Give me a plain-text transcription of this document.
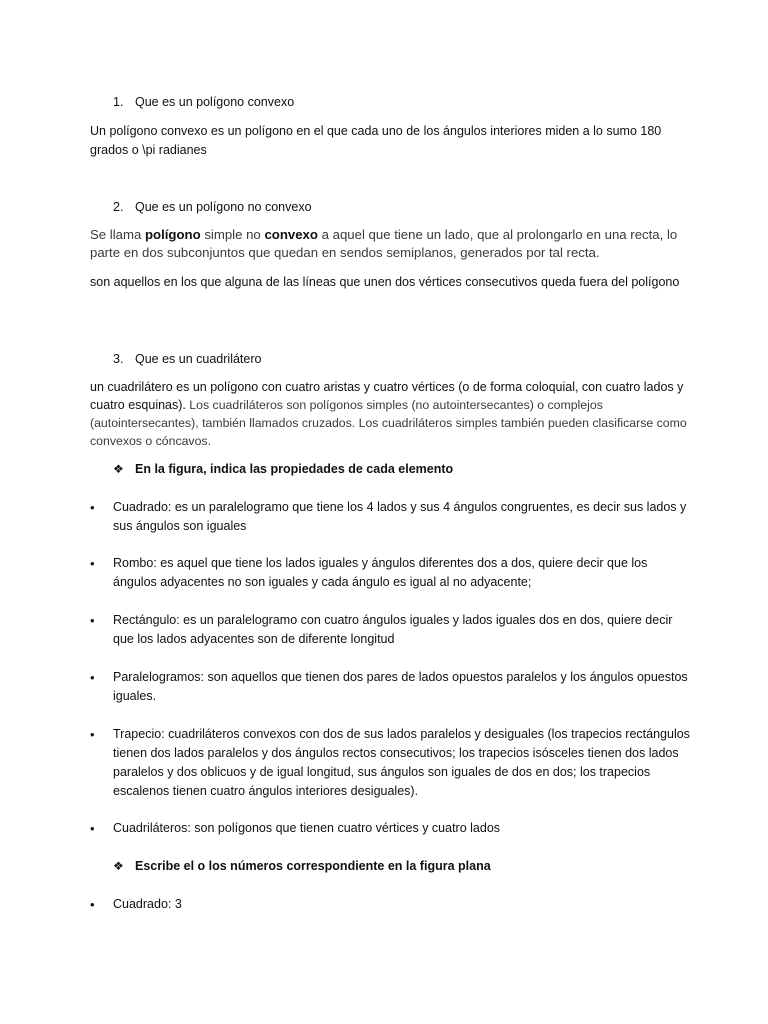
1. Que es un polígono convexo

Un polígono convexo es un polígono en el que cada uno de los ángulos interiores miden a lo sumo 180 grados o \pi radianes

2. Que es un polígono no convexo

Se llama polígono simple no convexo a aquel que tiene un lado, que al prolongarlo en una recta, lo parte en dos subconjuntos que quedan en sendos semiplanos, generados por tal recta.

son aquellos en los que alguna de las líneas que unen dos vértices consecutivos queda fuera del polígono

3. Que es un cuadrilátero

un cuadrilátero es un polígono con cuatro aristas y cuatro vértices (o de forma coloquial, con cuatro lados y cuatro esquinas). Los cuadriláteros son polígonos simples (no autointersecantes) o complejos (autointersecantes), también llamados cruzados. Los cuadriláteros simples también pueden clasificarse como convexos o cóncavos.

❖ En la figura, indica las propiedades de cada elemento
•	Cuadrado: es un paralelogramo que tiene los 4 lados y sus 4 ángulos congruentes, es decir sus lados y sus ángulos son iguales
•	Rombo: es aquel que tiene los lados iguales y ángulos diferentes dos a dos, quiere decir que los ángulos adyacentes no son iguales y cada ángulo es igual al no adyacente;
•	Rectángulo: es un paralelogramo con cuatro ángulos iguales y lados iguales dos en dos, quiere decir que los lados adyacentes son de diferente longitud
•	Paralelogramos: son aquellos que tienen dos pares de lados opuestos paralelos y los ángulos opuestos iguales.
•	Trapecio: cuadriláteros convexos con dos de sus lados paralelos y desiguales (los trapecios rectángulos tienen dos lados paralelos y dos ángulos rectos consecutivos; los trapecios isósceles tienen dos lados paralelos y dos oblicuos y de igual longitud, sus ángulos son iguales de dos en dos; los trapecios escalenos tienen cuatro ángulos interiores desiguales).
•	Cuadriláteros: son polígonos que tienen cuatro vértices y cuatro lados
❖ Escribe el o los números correspondiente en la figura plana
•	Cuadrado: 3
